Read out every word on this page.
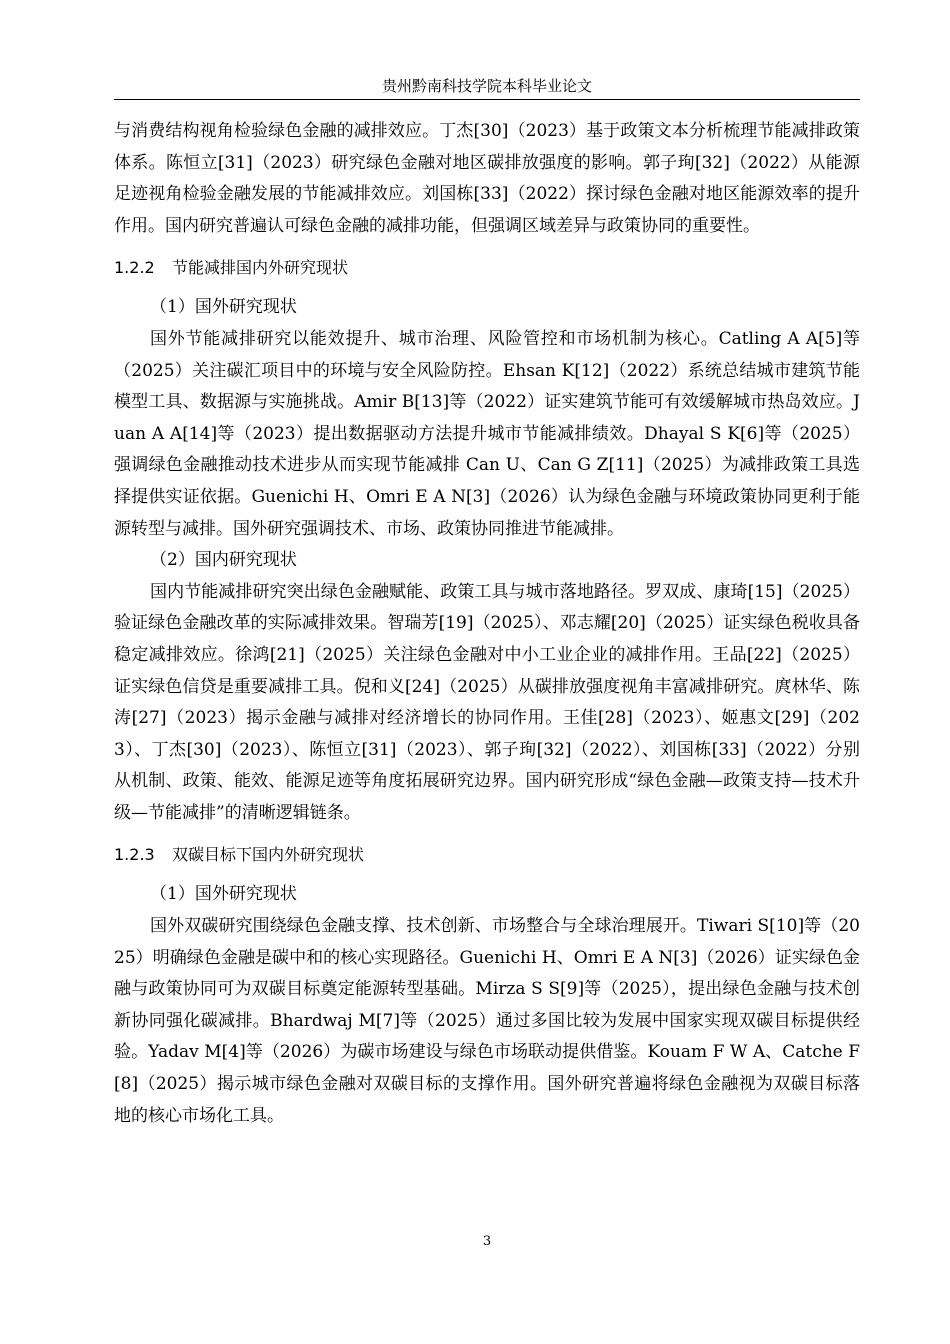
贵州黔南科技学院本科毕业论文

与消费结构视角检验绿色金融的减排效应。丁杰[30]（2023）基于政策文本分析梳理节能减排政策体系。陈恒立[31]（2023）研究绿色金融对地区碳排放强度的影响。郭子珣[32]（2022）从能源足迹视角检验金融发展的节能减排效应。刘国栋[33]（2022）探讨绿色金融对地区能源效率的提升作用。国内研究普遍认可绿色金融的减排功能，但强调区域差异与政策协同的重要性。

1.2.2 节能减排国内外研究现状

（1）国外研究现状

国外节能减排研究以能效提升、城市治理、风险管控和市场机制为核心。Catling A A[5]等（2025）关注碳汇项目中的环境与安全风险防控。Ehsan K[12]（2022）系统总结城市建筑节能模型工具、数据源与实施挑战。Amir B[13]等（2022）证实建筑节能可有效缓解城市热岛效应。Juan A A[14]等（2023）提出数据驱动方法提升城市节能减排绩效。Dhayal S K[6]等（2025）强调绿色金融推动技术进步从而实现节能减排 Can U、Can G Z[11]（2025）为减排政策工具选择提供实证依据。Guenichi H、Omri E A N[3]（2026）认为绿色金融与环境政策协同更利于能源转型与减排。国外研究强调技术、市场、政策协同推进节能减排。

（2）国内研究现状

国内节能减排研究突出绿色金融赋能、政策工具与城市落地路径。罗双成、康琦[15]（2025）验证绿色金融改革的实际减排效果。智瑞芳[19]（2025）、邓志耀[20]（2025）证实绿色税收具备稳定减排效应。徐鸿[21]（2025）关注绿色金融对中小工业企业的减排作用。王品[22]（2025）证实绿色信贷是重要减排工具。倪和义[24]（2025）从碳排放强度视角丰富减排研究。庹林华、陈涛[27]（2023）揭示金融与减排对经济增长的协同作用。王佳[28]（2023）、姬惠文[29]（2023）、丁杰[30]（2023）、陈恒立[31]（2023）、郭子珣[32]（2022）、刘国栋[33]（2022）分别从机制、政策、能效、能源足迹等角度拓展研究边界。国内研究形成“绿色金融—政策支持—技术升级—节能减排”的清晰逻辑链条。

1.2.3 双碳目标下国内外研究现状

（1）国外研究现状

国外双碳研究围绕绿色金融支撑、技术创新、市场整合与全球治理展开。Tiwari S[10]等（2025）明确绿色金融是碳中和的核心实现路径。Guenichi H、Omri E A N[3]（2026）证实绿色金融与政策协同可为双碳目标奠定能源转型基础。Mirza S S[9]等（2025），提出绿色金融与技术创新协同强化碳减排。Bhardwaj M[7]等（2025）通过多国比较为发展中国家实现双碳目标提供经验。Yadav M[4]等（2026）为碳市场建设与绿色市场联动提供借鉴。Kouam F W A、Catche F[8]（2025）揭示城市绿色金融对双碳目标的支撑作用。国外研究普遍将绿色金融视为双碳目标落地的核心市场化工具。

3
